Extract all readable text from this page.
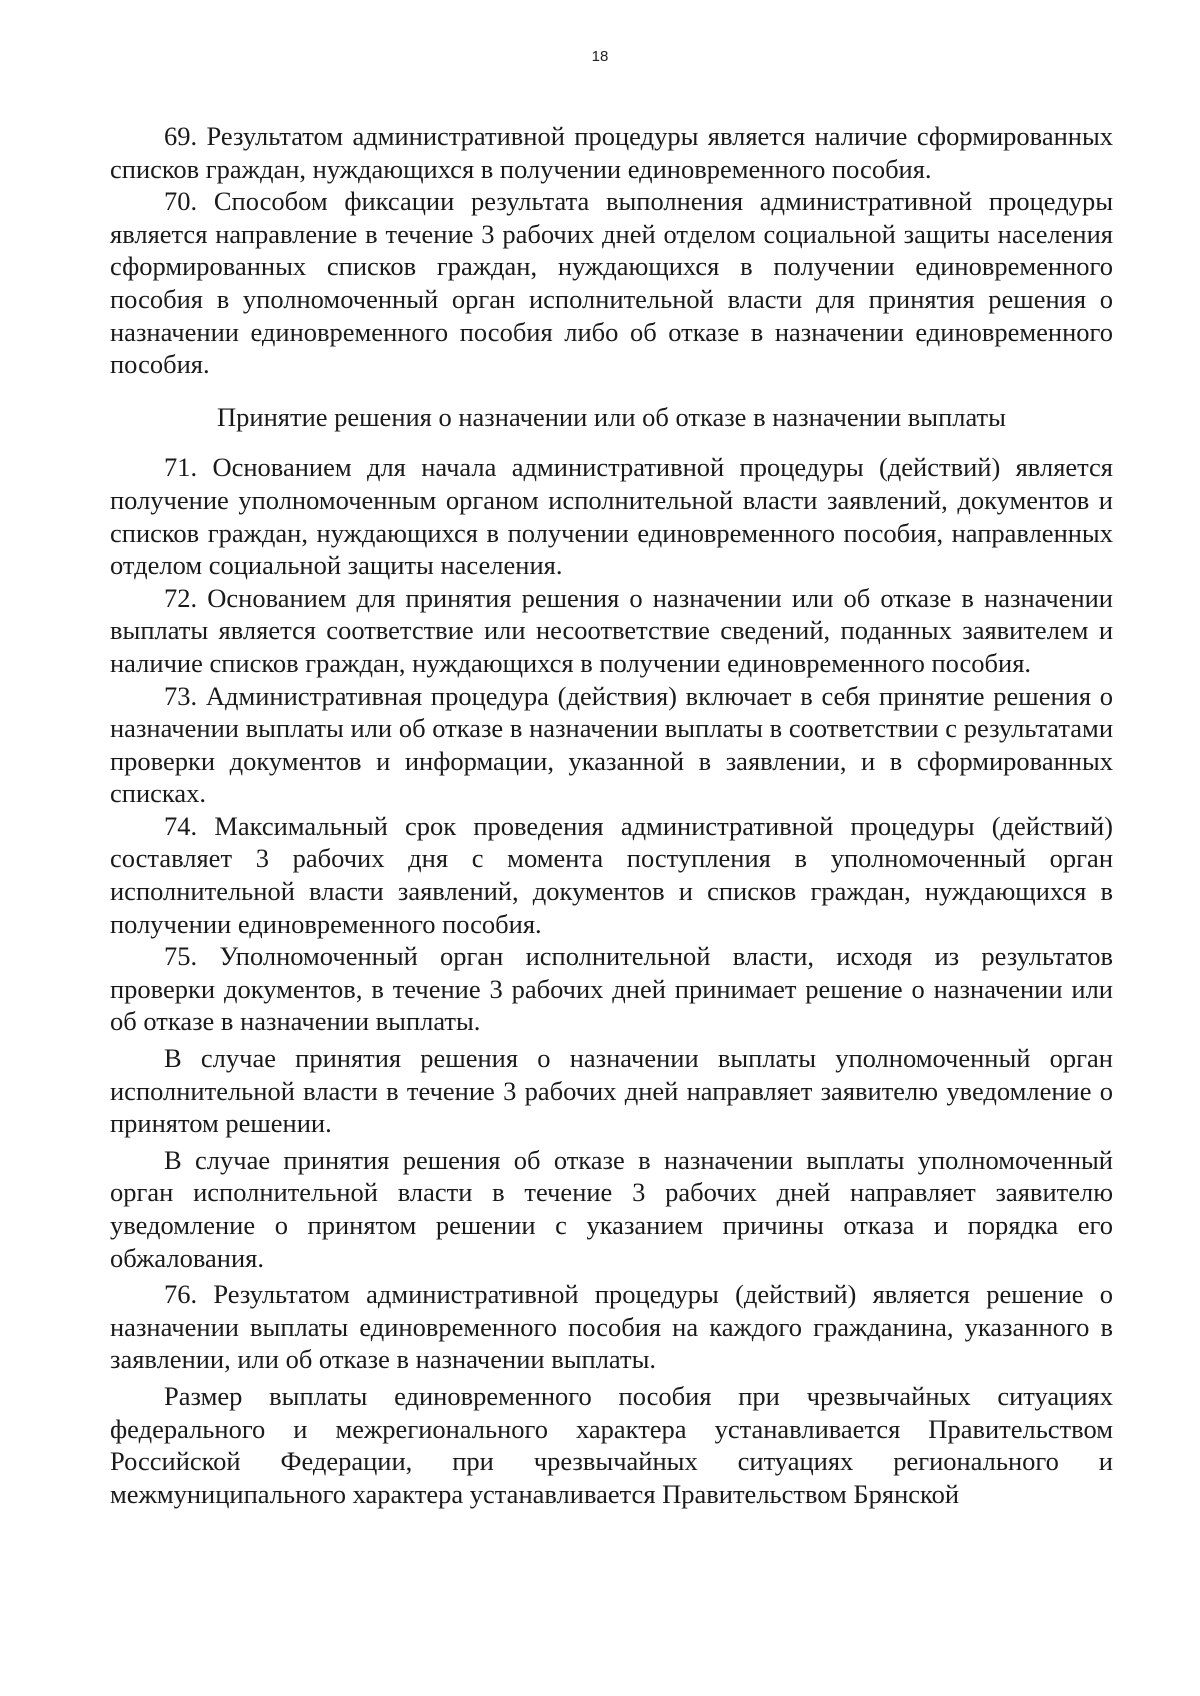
18

69. Результатом административной процедуры является наличие сформированных списков граждан, нуждающихся в получении единовременного пособия.

70. Способом фиксации результата выполнения административной процедуры является направление в течение 3 рабочих дней отделом социальной защиты населения сформированных списков граждан, нуждающихся в получении единовременного пособия в уполномоченный орган исполнительной власти для принятия решения о назначении единовременного пособия либо об отказе в назначении единовременного пособия.

Принятие решения о назначении или об отказе в назначении выплаты

71. Основанием для начала административной процедуры (действий) является получение уполномоченным органом исполнительной власти заявлений, документов и списков граждан, нуждающихся в получении единовременного пособия, направленных отделом социальной защиты населения.

72. Основанием для принятия решения о назначении или об отказе в назначении выплаты является соответствие или несоответствие сведений, поданных заявителем и наличие списков граждан, нуждающихся в получении единовременного пособия.

73. Административная процедура (действия) включает в себя принятие решения о назначении выплаты или об отказе в назначении выплаты в соответствии с результатами проверки документов и информации, указанной в заявлении, и в сформированных списках.

74. Максимальный срок проведения административной процедуры (действий) составляет 3 рабочих дня с момента поступления в уполномоченный орган исполнительной власти заявлений, документов и списков граждан, нуждающихся в получении единовременного пособия.

75. Уполномоченный орган исполнительной власти, исходя из результатов проверки документов, в течение 3 рабочих дней принимает решение о назначении или об отказе в назначении выплаты.

В случае принятия решения о назначении выплаты уполномоченный орган исполнительной власти в течение 3 рабочих дней направляет заявителю уведомление о принятом решении.

В случае принятия решения об отказе в назначении выплаты уполномоченный орган исполнительной власти в течение 3 рабочих дней направляет заявителю уведомление о принятом решении с указанием причины отказа и порядка его обжалования.

76. Результатом административной процедуры (действий) является решение о назначении выплаты единовременного пособия на каждого гражданина, указанного в заявлении, или об отказе в назначении выплаты.

Размер выплаты единовременного пособия при чрезвычайных ситуациях федерального и межрегионального характера устанавливается Правительством Российской Федерации, при чрезвычайных ситуациях регионального и межмуниципального характера устанавливается Правительством Брянской
